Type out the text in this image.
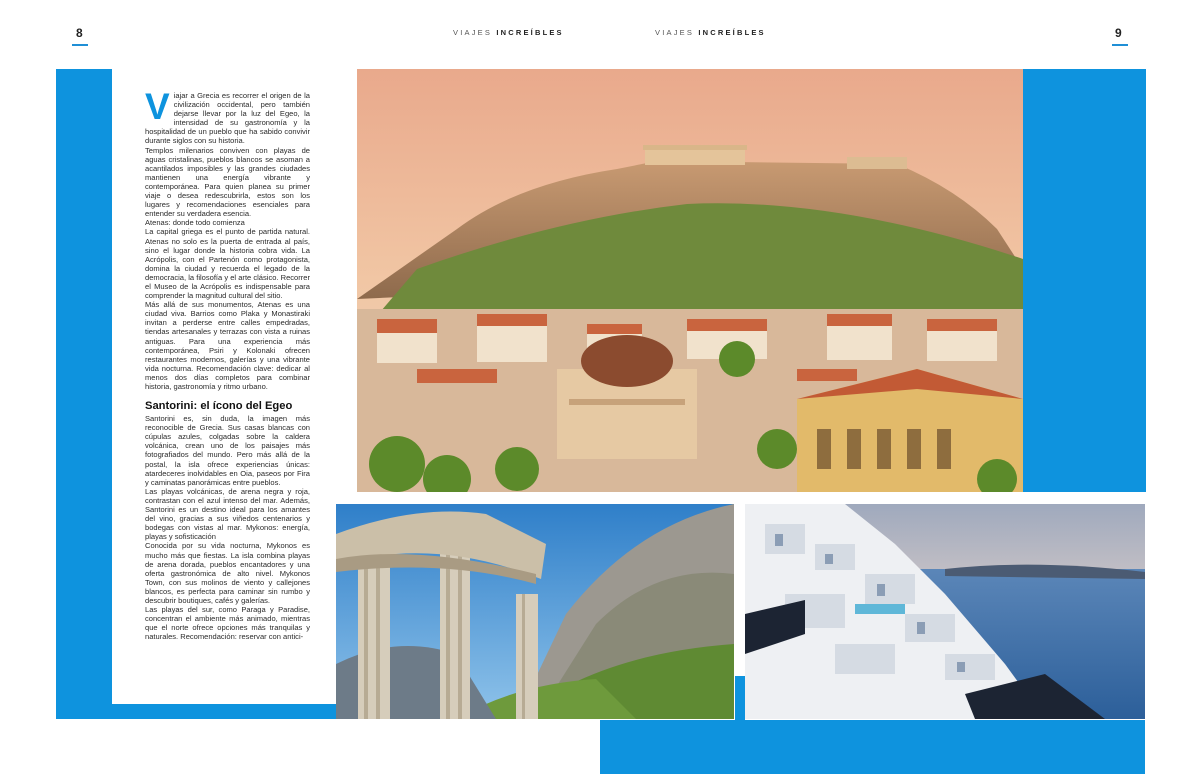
8	9
VIAJES INCREÍBLES	VIAJES INCREÍBLES

Viajar a Grecia es recorrer el origen de la civilización occidental, pero también dejarse llevar por la luz del Egeo, la intensidad de su gastronomía y la hospitalidad de un pueblo que ha sabido convivir durante siglos con su historia.

Templos milenarios conviven con playas de aguas cristalinas, pueblos blancos se asoman a acantilados imposibles y las grandes ciudades mantienen una energía vibrante y contemporánea. Para quien planea su primer viaje o desea redescubrirla, estos son los lugares y recomendaciones esenciales para entender su verdadera esencia.

Atenas: donde todo comienza

La capital griega es el punto de partida natural. Atenas no solo es la puerta de entrada al país, sino el lugar donde la historia cobra vida. La Acrópolis, con el Partenón como protagonista, domina la ciudad y recuerda el legado de la democracia, la filosofía y el arte clásico. Recorrer el Museo de la Acrópolis es indispensable para comprender la magnitud cultural del sitio.

Más allá de sus monumentos, Atenas es una ciudad viva. Barrios como Plaka y Monastiraki invitan a perderse entre calles empedradas, tiendas artesanales y terrazas con vista a ruinas antiguas. Para una experiencia más contemporánea, Psiri y Kolonaki ofrecen restaurantes modernos, galerías y una vibrante vida nocturna. Recomendación clave: dedicar al menos dos días completos para combinar historia, gastronomía y ritmo urbano.

Santorini: el ícono del Egeo

Santorini es, sin duda, la imagen más reconocible de Grecia. Sus casas blancas con cúpulas azules, colgadas sobre la caldera volcánica, crean uno de los paisajes más fotografiados del mundo. Pero más allá de la postal, la isla ofrece experiencias únicas: atardeceres inolvidables en Oia, paseos por Fira y caminatas panorámicas entre pueblos.

Las playas volcánicas, de arena negra y roja, contrastan con el azul intenso del mar. Además, Santorini es un destino ideal para los amantes del vino, gracias a sus viñedos centenarios y bodegas con vistas al mar. Mykonos: energía, playas y sofisticación

Conocida por su vida nocturna, Mykonos es mucho más que fiestas. La isla combina playas de arena dorada, pueblos encantadores y una oferta gastronómica de alto nivel. Mykonos Town, con sus molinos de viento y callejones blancos, es perfecta para caminar sin rumbo y descubrir boutiques, cafés y galerías.

Las playas del sur, como Paraga y Paradise, concentran el ambiente más animado, mientras que el norte ofrece opciones más tranquilas y naturales. Recomendación: reservar con antici-
